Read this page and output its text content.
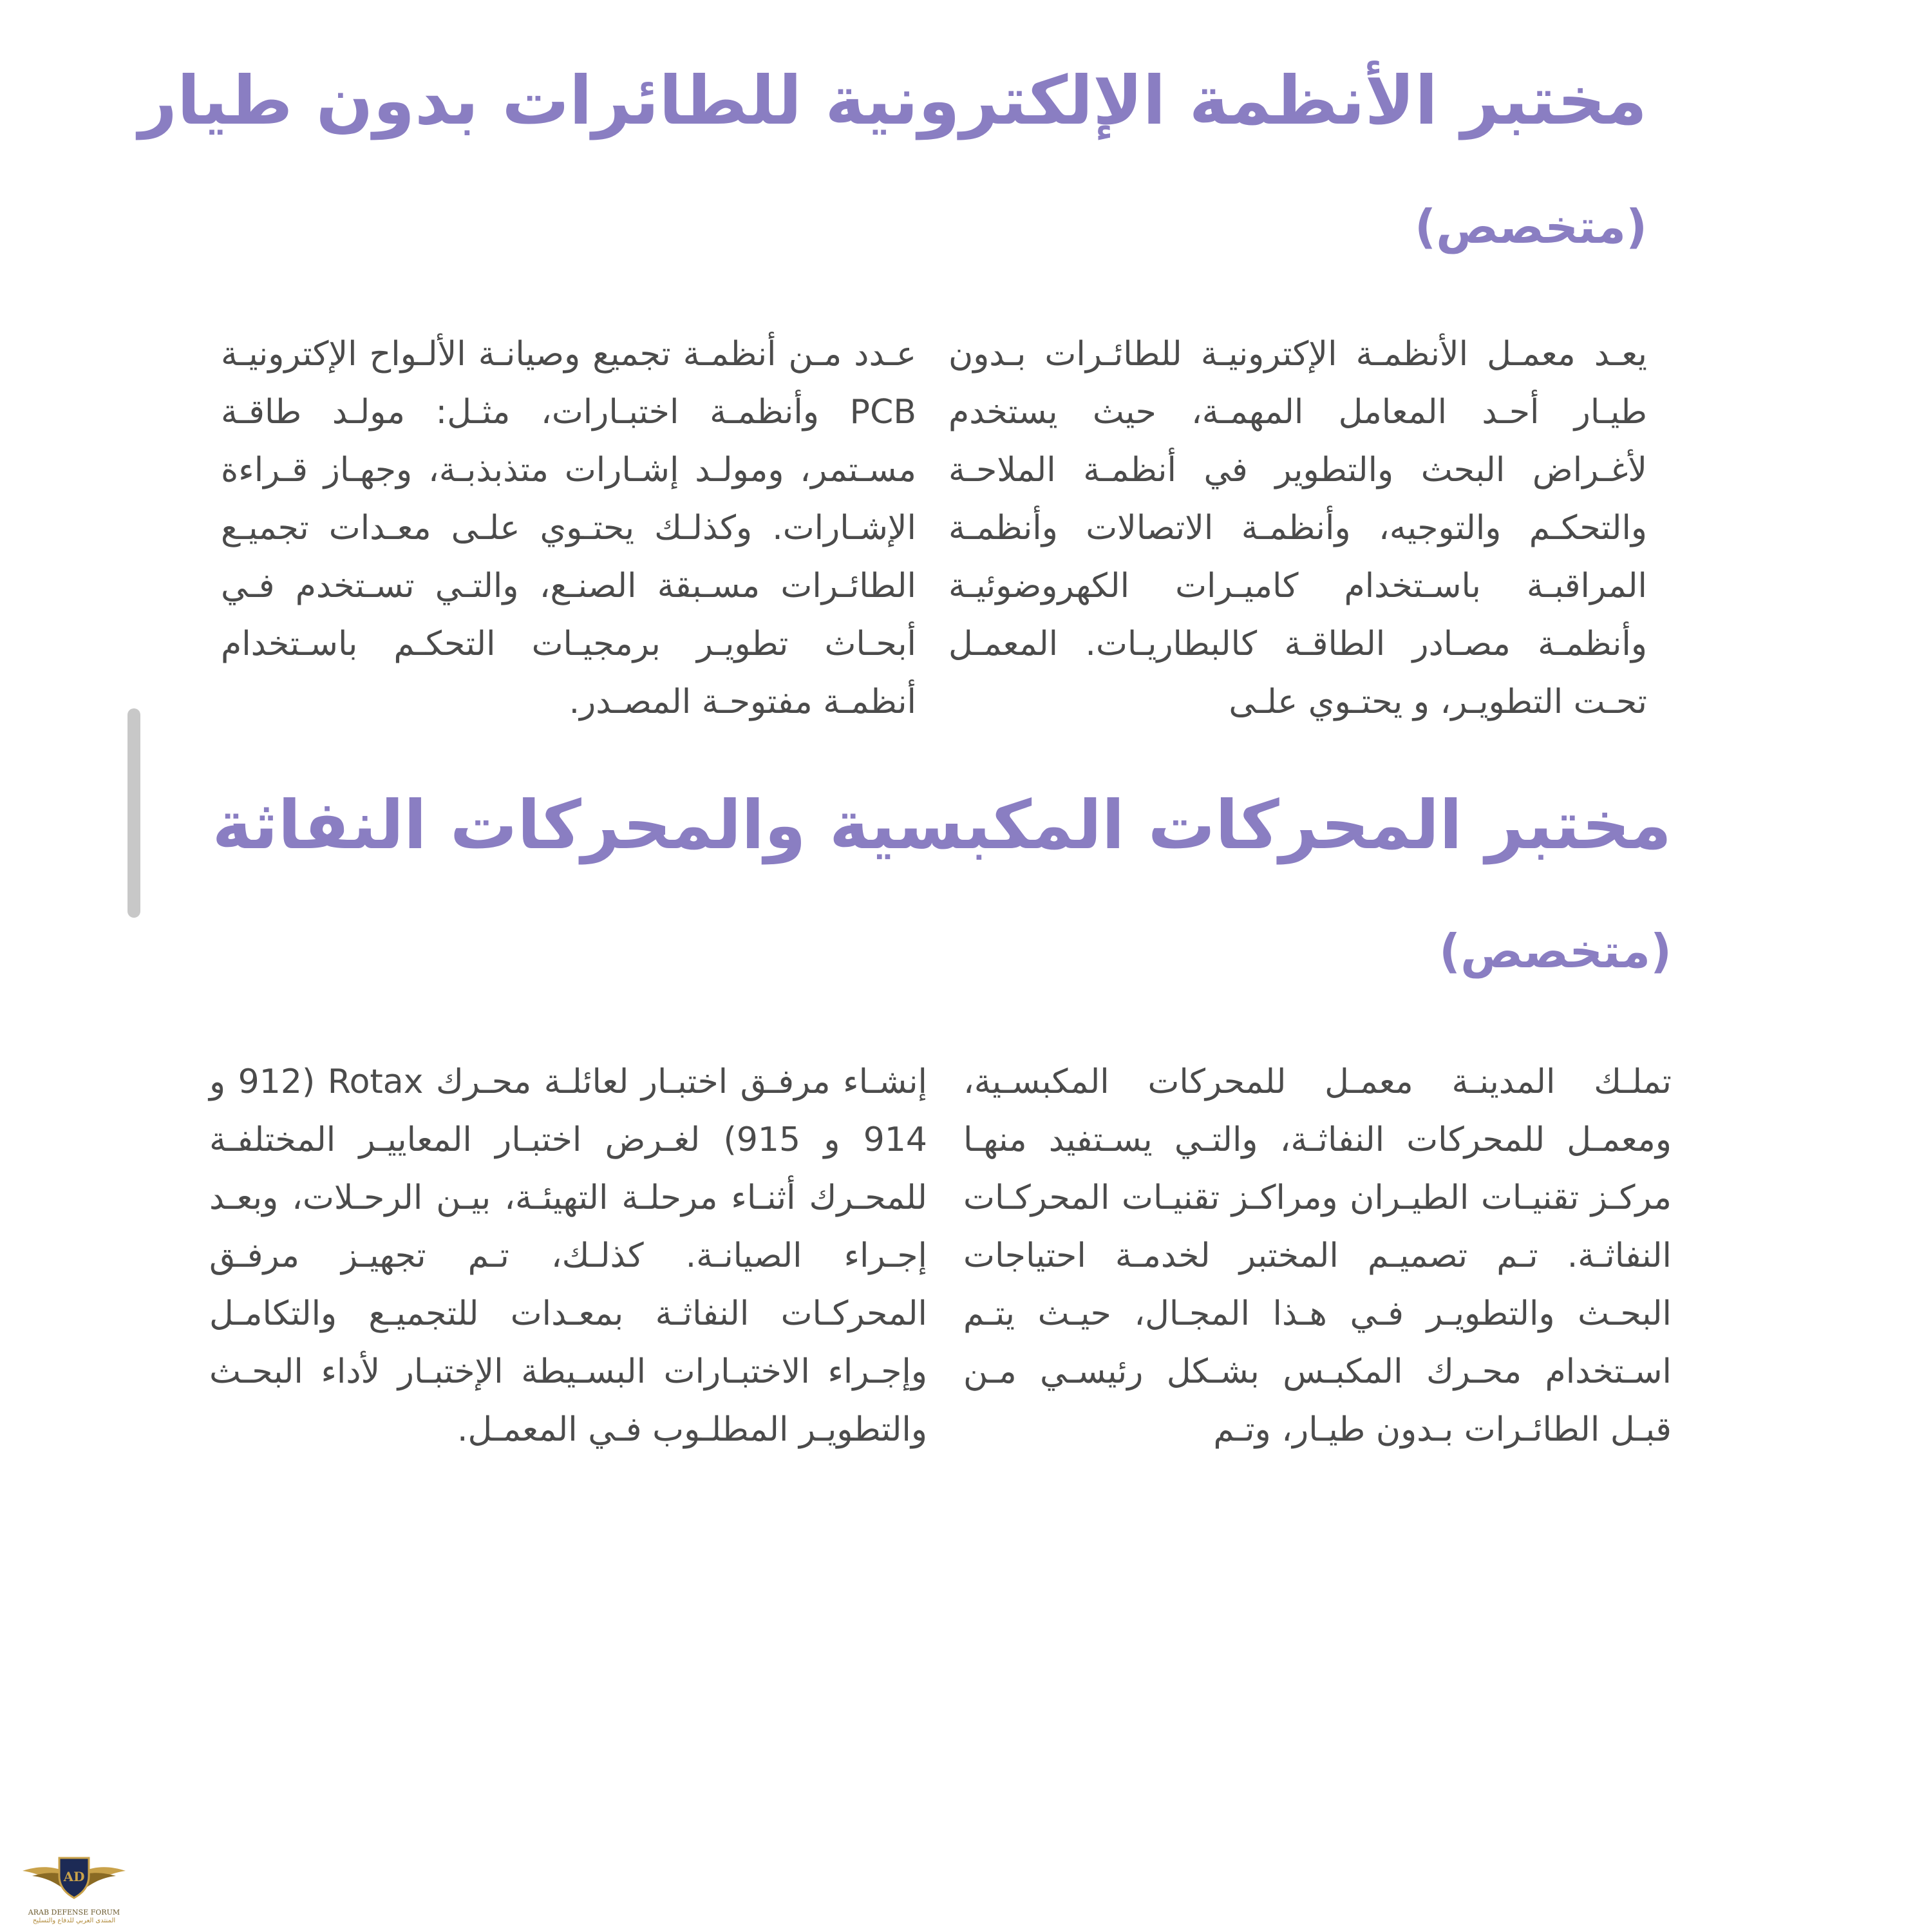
مختبر الأنظمة الإلكترونية للطائرات بدون طيار
(متخصص)

يعـد معمـل الأنظمـة الإكترونيـة للطائـرات بـدون طيـار أحـد المعامل المهمـة، حيث يستخدم لأغـراض البحث والتطوير في أنظمـة الملاحـة والتحكـم والتوجيه، وأنظمـة الاتصالات وأنظمـة المراقبـة باسـتخدام كاميـرات الكهروضوئيـة وأنظمـة مصـادر الطاقـة كالبطاريـات. المعمـل تحـت التطويـر، و يحتـوي علـى

عـدد مـن أنظمـة تجميع وصيانـة الألـواح الإكترونيـة PCB وأنظمـة اختبـارات، مثـل: مولـد طاقـة مسـتمر، ومولـد إشـارات متذبذبـة، وجهـاز قـراءة الإشـارات. وكذلـك يحتـوي علـى معـدات تجميـع الطائـرات مسـبقة الصنـع، والتـي تسـتخدم فـي أبحـاث تطويـر برمجيـات التحكـم باسـتخدام أنظمـة مفتوحـة المصـدر.

مختبر المحركات المكبسية والمحركات النفاثة
(متخصص)

تملـك المدينـة معمـل للمحركات المكبسـية، ومعمـل للمحركات النفاثـة، والتـي يسـتفيد منهـا مركـز تقنيـات الطيـران ومراكـز تقنيـات المحركـات النفاثـة. تـم تصميـم المختبر لخدمـة احتياجات البحـث والتطويـر فـي هـذا المجـال، حيـث يتـم اسـتخدام محـرك المكبـس بشـكل رئيسـي مـن قبـل الطائـرات بـدون طيـار، وتـم

إنشـاء مرفـق اختبـار لعائلـة محـرك Rotax (912 و 914 و 915) لغـرض اختبـار المعاييـر المختلفـة للمحـرك أثنـاء مرحلـة التهيئـة، بيـن الرحـلات، وبعـد إجـراء الصيانـة. كذلـك، تـم تجهيـز مرفـق المحركـات النفاثـة بمعـدات للتجميـع والتكامـل وإجـراء الاختبـارات البسـيطة الإختبـار لأداء البحـث والتطويـر المطلـوب فـي المعمـل.

AD
ARAB DEFENSE FORUM
المنتدى العربي للدفاع والتسليح
